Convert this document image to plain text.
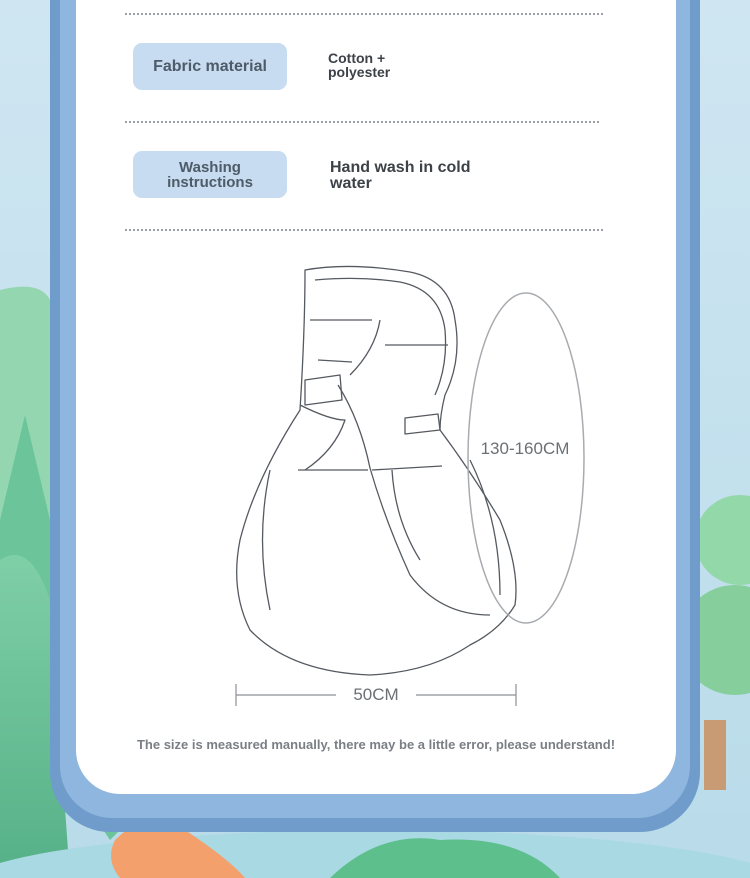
Fabric material	Cotton +
polyester
Washing
instructions
Hand wash in cold
water
130-160CM
50CM
The size is measured manually, there may be a little error, please understand!
